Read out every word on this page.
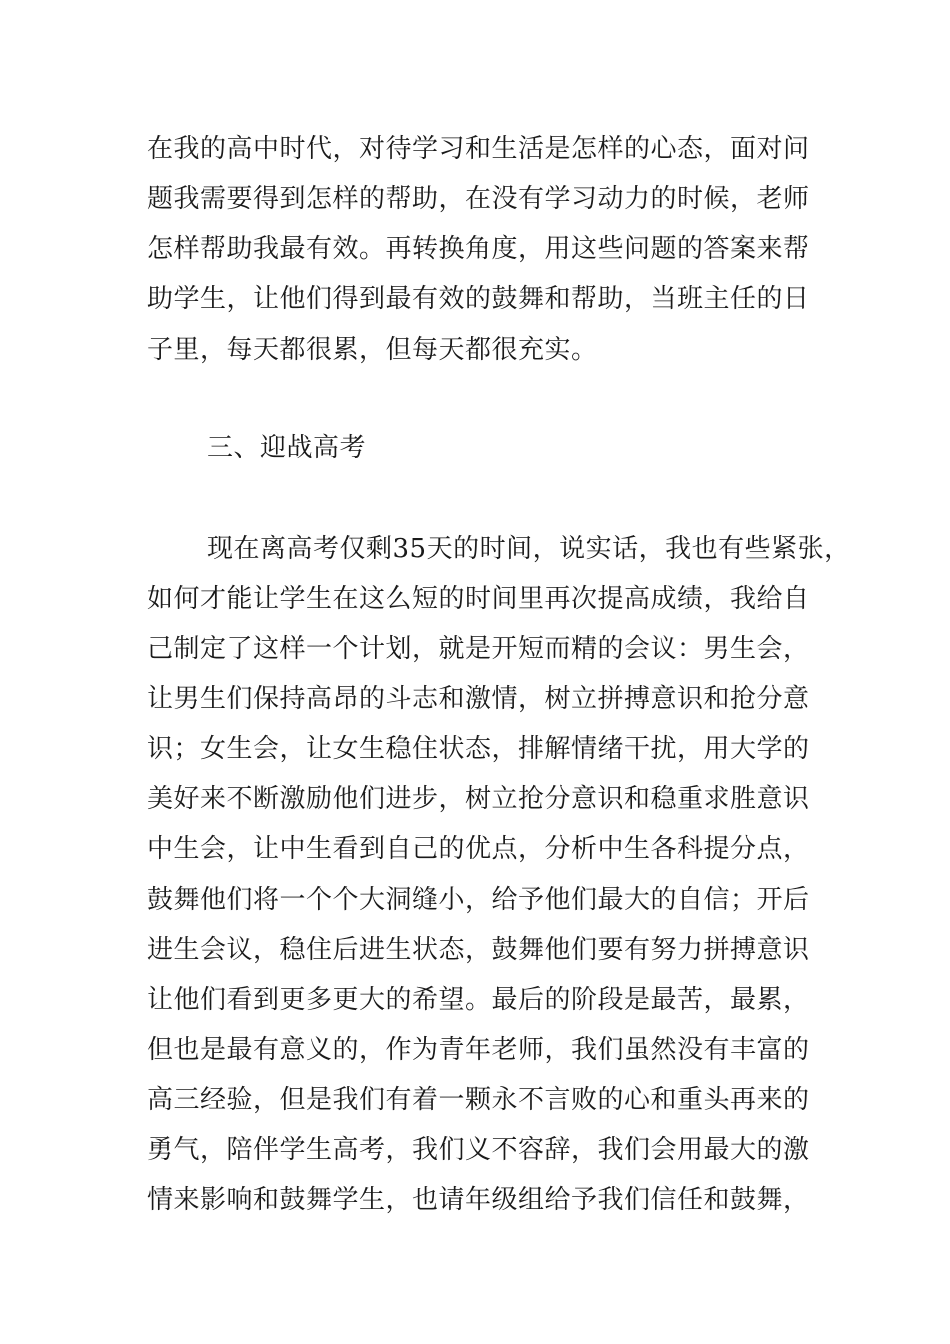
在我的高中时代，对待学习和生活是怎样的心态，面对问
题我需要得到怎样的帮助，在没有学习动力的时候，老师
怎样帮助我最有效。再转换角度，用这些问题的答案来帮
助学生，让他们得到最有效的鼓舞和帮助，当班主任的日
子里，每天都很累，但每天都很充实。
三、迎战高考
现在离高考仅剩35天的时间，说实话，我也有些紧张，
如何才能让学生在这么短的时间里再次提高成绩，我给自
己制定了这样一个计划，就是开短而精的会议：男生会，
让男生们保持高昂的斗志和激情，树立拼搏意识和抢分意
识；女生会，让女生稳住状态，排解情绪干扰，用大学的
美好来不断激励他们进步，树立抢分意识和稳重求胜意识
中生会，让中生看到自己的优点，分析中生各科提分点，
鼓舞他们将一个个大洞缝小，给予他们最大的自信；开后
进生会议，稳住后进生状态，鼓舞他们要有努力拼搏意识
让他们看到更多更大的希望。最后的阶段是最苦，最累，
但也是最有意义的，作为青年老师，我们虽然没有丰富的
高三经验，但是我们有着一颗永不言败的心和重头再来的
勇气，陪伴学生高考，我们义不容辞，我们会用最大的激
情来影响和鼓舞学生，也请年级组给予我们信任和鼓舞，
